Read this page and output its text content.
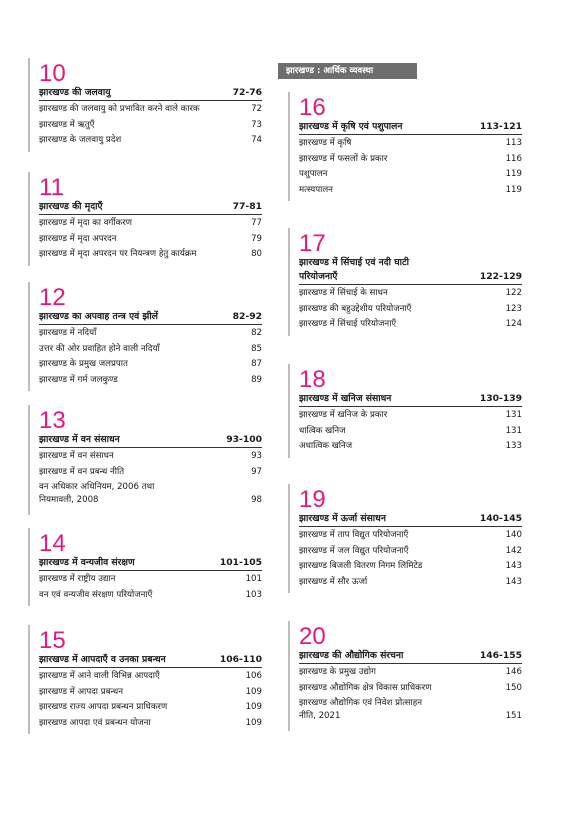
झारखण्ड : आर्थिक व्यवस्था
10
झारखण्ड की जलवायु	72-76
झारखण्ड की जलवायु को प्रभावित करने वाले कारक	72
झारखण्ड में ऋतुएँ	73
झारखण्ड के जलवायु प्रदेश	74
11
झारखण्ड की मृदाएँ	77-81
झारखण्ड में मृदा का वर्गीकरण	77
झारखण्ड में मृदा अपरदन	79
झारखण्ड में मृदा अपरदन पर नियन्त्रण हेतु कार्यक्रम	80
12
झारखण्ड का अपवाह तन्त्र एवं झीलें	82-92
झारखण्ड में नदियाँ	82
उत्तर की ओर प्रवाहित होने वाली नदियाँ	85
झारखण्ड के प्रमुख जलप्रपात	87
झारखण्ड में गर्म जलकुण्ड	89
13
झारखण्ड में वन संसाधन	93-100
झारखण्ड में वन संसाधन	93
झारखण्ड में वन प्रबन्ध नीति	97
वन अधिकार अधिनियम, 2006 तथा
नियमावली, 2008	98
14
झारखण्ड में वन्यजीव संरक्षण	101-105
झारखण्ड में राष्ट्रीय उद्यान	101
वन एवं वन्यजीव संरक्षण परियोजनाएँ	103
15
झारखण्ड में आपदाएँ व उनका प्रबन्धन	106-110
झारखण्ड में आने वाली विभिन्न आपदाएँ	106
झारखण्ड में आपदा प्रबन्धन	109
झारखण्ड राज्य आपदा प्रबन्धन प्राधिकरण	109
झारखण्ड आपदा एवं प्रबन्धन योजना	109
16
झारखण्ड में कृषि एवं पशुपालन	113-121
झारखण्ड में कृषि	113
झारखण्ड में फसलों के प्रकार	116
पशुपालन	119
मत्स्यपालन	119
17
झारखण्ड में सिंचाई एवं नदी घाटी
परियोजनाएँ	122-129
झारखण्ड में सिंचाई के साधन	122
झारखण्ड की बहुउद्देशीय परियोजनाएँ	123
झारखण्ड में सिंचाई परियोजनाएँ	124
18
झारखण्ड में खनिज संसाधन	130-139
झारखण्ड में खनिज के प्रकार	131
धात्विक खनिज	131
अधात्विक खनिज	133
19
झारखण्ड में ऊर्जा संसाधन	140-145
झारखण्ड में ताप विद्युत परियोजनाएँ	140
झारखण्ड में जल विद्युत परियोजनाएँ	142
झारखण्ड बिजली वितरण निगम लिमिटेड	143
झारखण्ड में सौर ऊर्जा	143
20
झारखण्ड की औद्योगिक संरचना	146-155
झारखण्ड के प्रमुख उद्योग	146
झारखण्ड औद्योगिक क्षेत्र विकास प्राधिकरण	150
झारखण्ड औद्योगिक एवं निवेश प्रोत्साहन
नीति, 2021	151
